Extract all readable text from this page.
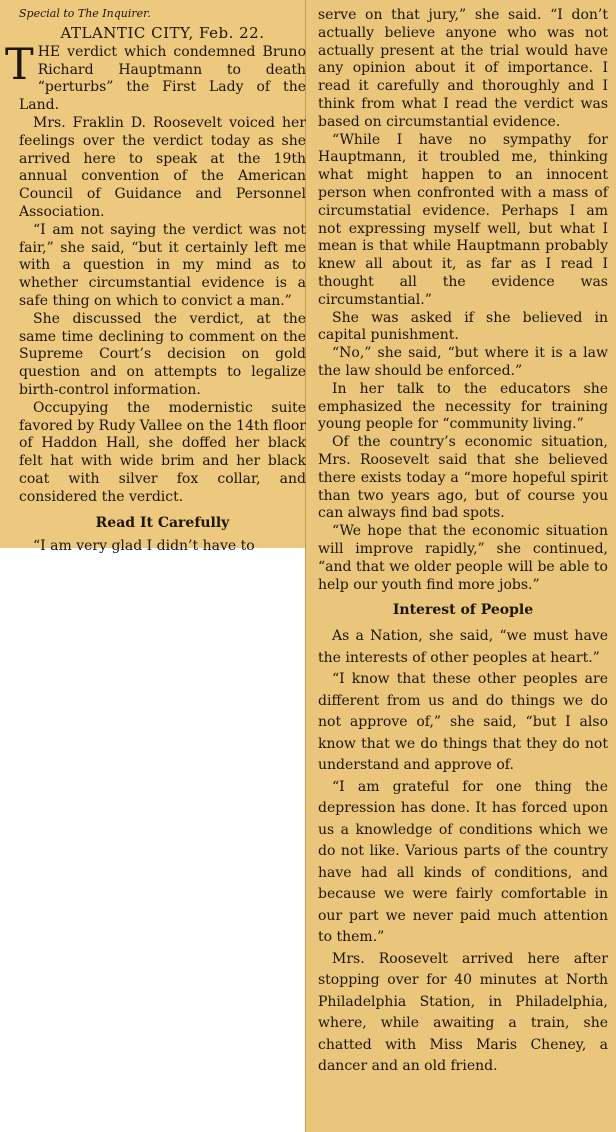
Special to The Inquirer.

ATLANTIC CITY, Feb. 22.

THE verdict which condemned Bruno Richard Hauptmann to death “perturbs” the First Lady of the Land.

Mrs. Fraklin D. Roosevelt voiced her feelings over the verdict today as she arrived here to speak at the 19th annual convention of the American Council of Guidance and Personnel Association.

“I am not saying the verdict was not fair,” she said, “but it certainly left me with a question in my mind as to whether circumstantial evidence is a safe thing on which to convict a man.”

She discussed the verdict, at the same time declining to comment on the Supreme Court’s decision on gold question and on attempts to legalize birth-control information.

Occupying the modernistic suite favored by Rudy Vallee on the 14th floor of Haddon Hall, she doffed her black felt hat with wide brim and her black coat with silver fox collar, and considered the verdict.

Read It Carefully

“I am very glad I didn’t have to

serve on that jury,” she said. “I don’t actually believe anyone who was not actually present at the trial would have any opinion about it of importance. I read it carefully and thoroughly and I think from what I read the verdict was based on circumstantial evidence.

“While I have no sympathy for Hauptmann, it troubled me, thinking what might happen to an innocent person when confronted with a mass of circumstatial evidence. Perhaps I am not expressing myself well, but what I mean is that while Hauptmann probably knew all about it, as far as I read I thought all the evidence was circumstantial.”

She was asked if she believed in capital punishment.

“No,” she said, “but where it is a law the law should be enforced.”

In her talk to the educators she emphasized the necessity for training young people for “community living.”

Of the country’s economic situation, Mrs. Roosevelt said that she believed there exists today a “more hopeful spirit than two years ago, but of course you can always find bad spots.

“We hope that the economic situation will improve rapidly,” she continued, “and that we older people will be able to help our youth find more jobs.”

Interest of People

As a Nation, she said, “we must have the interests of other peoples at heart.”

“I know that these other peoples are different from us and do things we do not approve of,” she said, “but I also know that we do things that they do not understand and approve of.

“I am grateful for one thing the depression has done. It has forced upon us a knowledge of conditions which we do not like. Various parts of the country have had all kinds of conditions, and because we were fairly comfortable in our part we never paid much attention to them.”

Mrs. Roosevelt arrived here after stopping over for 40 minutes at North Philadelphia Station, in Philadelphia, where, while awaiting a train, she chatted with Miss Maris Cheney, a dancer and an old friend.
